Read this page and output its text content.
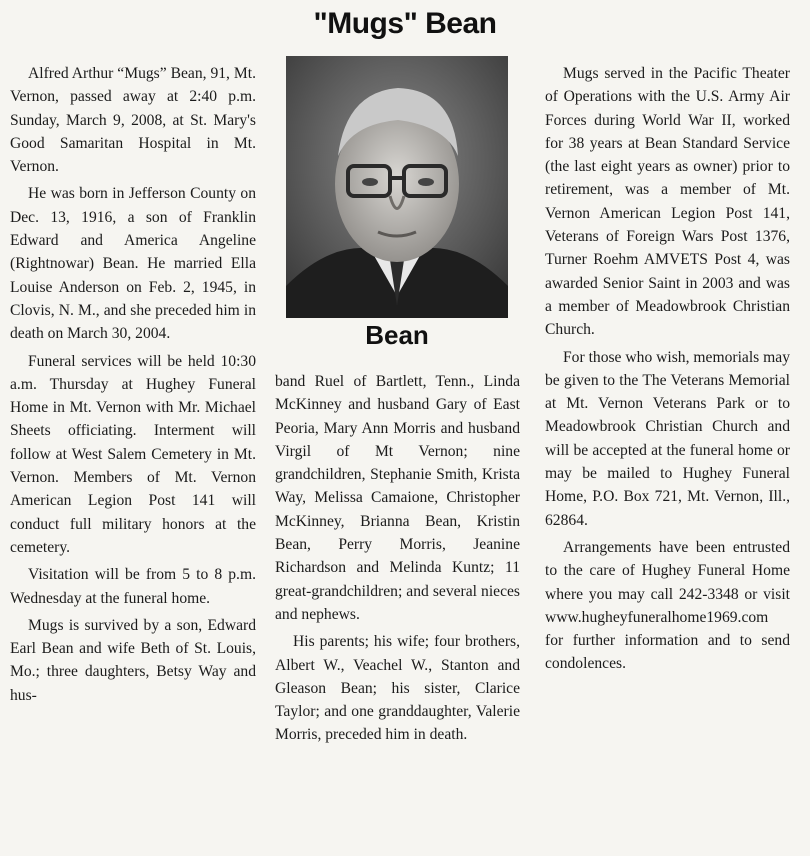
"Mugs" Bean

Alfred Arthur “Mugs” Bean, 91, Mt. Vernon, passed away at 2:40 p.m. Sunday, March 9, 2008, at St. Mary's Good Samaritan Hospital in Mt. Vernon.

He was born in Jefferson County on Dec. 13, 1916, a son of Franklin Edward and America Angeline (Rightnowar) Bean. He married Ella Louise Anderson on Feb. 2, 1945, in Clovis, N. M., and she preceded him in death on March 30, 2004.

Funeral services will be held 10:30 a.m. Thursday at Hughey Funeral Home in Mt. Vernon with Mr. Michael Sheets officiating. Interment will follow at West Salem Cemetery in Mt. Vernon. Members of Mt. Vernon American Legion Post 141 will conduct full military honors at the cemetery.

Visitation will be from 5 to 8 p.m. Wednesday at the funeral home.

Mugs is survived by a son, Edward Earl Bean and wife Beth of St. Louis, Mo.; three daughters, Betsy Way and hus-

Bean

band Ruel of Bartlett, Tenn., Linda McKinney and husband Gary of East Peoria, Mary Ann Morris and husband Virgil of Mt Vernon; nine grandchildren, Stephanie Smith, Krista Way, Melissa Camaione, Christopher McKinney, Brianna Bean, Kristin Bean, Perry Morris, Jeanine Richardson and Melinda Kuntz; 11 great-grandchildren; and several nieces and nephews.

His parents; his wife; four brothers, Albert W., Veachel W., Stanton and Gleason Bean; his sister, Clarice Taylor; and one granddaughter, Valerie Morris, preceded him in death.

Mugs served in the Pacific Theater of Operations with the U.S. Army Air Forces during World War II, worked for 38 years at Bean Standard Service (the last eight years as owner) prior to retirement, was a member of Mt. Vernon American Legion Post 141, Veterans of Foreign Wars Post 1376, Turner Roehm AMVETS Post 4, was awarded Senior Saint in 2003 and was a member of Meadowbrook Christian Church.

For those who wish, memorials may be given to the The Veterans Memorial at Mt. Vernon Veterans Park or to Meadowbrook Christian Church and will be accepted at the funeral home or may be mailed to Hughey Funeral Home, P.O. Box 721, Mt. Vernon, Ill., 62864.

Arrangements have been entrusted to the care of Hughey Funeral Home where you may call 242-3348 or visit www.hugheyfuneralhome1969.com for further information and to send condolences.
